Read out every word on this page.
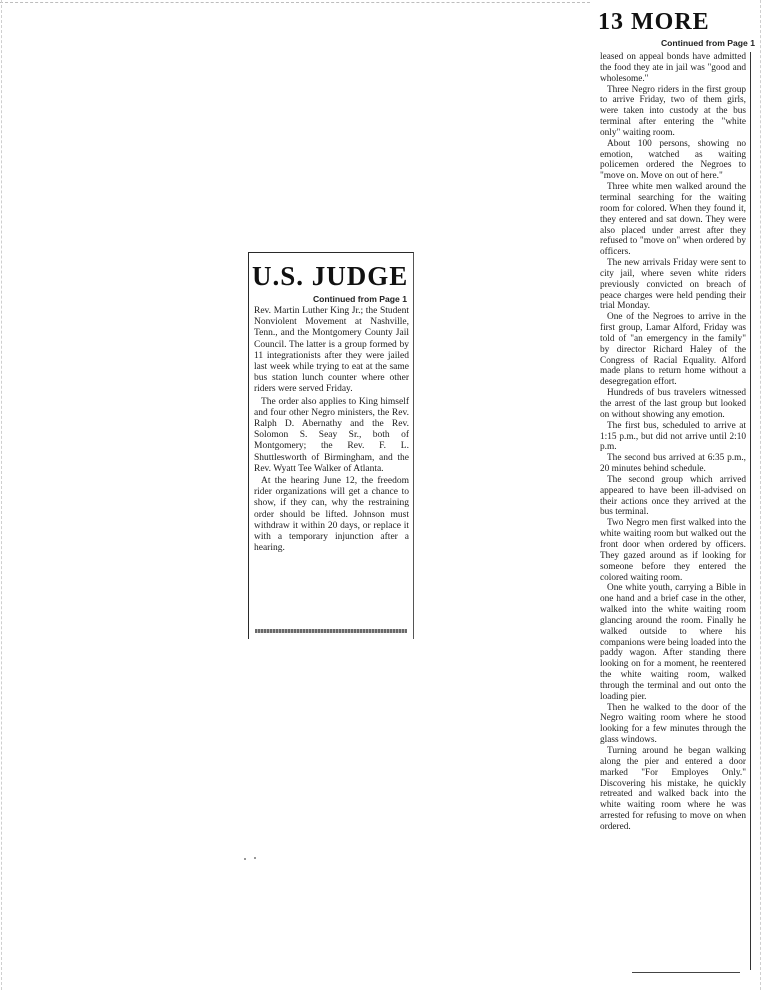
U.S. JUDGE
Continued from Page 1

Rev. Martin Luther King Jr.; the Student Nonviolent Movement at Nashville, Tenn., and the Montgomery County Jail Council. The latter is a group formed by 11 integrationists after they were jailed last week while trying to eat at the same bus station lunch counter where other riders were served Friday.

The order also applies to King himself and four other Negro ministers, the Rev. Ralph D. Abernathy and the Rev. Solomon S. Seay Sr., both of Montgomery; the Rev. F. L. Shuttlesworth of Birmingham, and the Rev. Wyatt Tee Walker of Atlanta.

At the hearing June 12, the freedom rider organizations will get a chance to show, if they can, why the restraining order should be lifted. Johnson must withdraw it within 20 days, or replace it with a temporary injunction after a hearing.

13 MORE
Continued from Page 1

leased on appeal bonds have admitted the food they ate in jail was "good and wholesome."

Three Negro riders in the first group to arrive Friday, two of them girls, were taken into custody at the bus terminal after entering the "white only" waiting room.

About 100 persons, showing no emotion, watched as waiting policemen ordered the Negroes to "move on. Move on out of here."

Three white men walked around the terminal searching for the waiting room for colored. When they found it, they entered and sat down. They were also placed under arrest after they refused to "move on" when ordered by officers.

The new arrivals Friday were sent to city jail, where seven white riders previously convicted on breach of peace charges were held pending their trial Monday.

One of the Negroes to arrive in the first group, Lamar Alford, Friday was told of "an emergency in the family" by director Richard Haley of the Congress of Racial Equality. Alford made plans to return home without a desegregation effort.

Hundreds of bus travelers witnessed the arrest of the last group but looked on without showing any emotion.

The first bus, scheduled to arrive at 1:15 p.m., but did not arrive until 2:10 p.m.

The second bus arrived at 6:35 p.m., 20 minutes behind schedule.

The second group which arrived appeared to have been ill-advised on their actions once they arrived at the bus terminal.

Two Negro men first walked into the white waiting room but walked out the front door when ordered by officers. They gazed around as if looking for someone before they entered the colored waiting room.

One white youth, carrying a Bible in one hand and a brief case in the other, walked into the white waiting room glancing around the room. Finally he walked outside to where his companions were being loaded into the paddy wagon. After standing there looking on for a moment, he reentered the white waiting room, walked through the terminal and out onto the loading pier.

Then he walked to the door of the Negro waiting room where he stood looking for a few minutes through the glass windows.

Turning around he began walking along the pier and entered a door marked "For Employes Only." Discovering his mistake, he quickly retreated and walked back into the white waiting room where he was arrested for refusing to move on when ordered.
